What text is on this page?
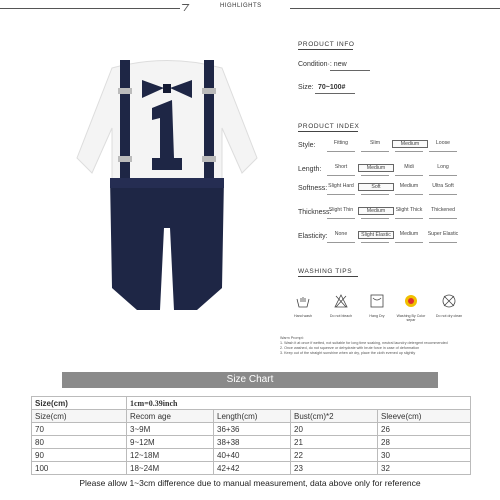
HIGHLIGHTS
PRODUCT INFO
Condition·: new
Size: 70~100#
PRODUCT INDEX
Style:	Fitting	Slim	Medium	Loose
Length:	Short	Medium	Midi	Long
Softness: Slight Hard	Soft	Medium	Ultra Soft
Thickness:
Slight Thin	Medium	Slight Thick	Thickened
Elasticity:	None	Slight Elastic	Medium	Super Elastic
WASHING TIPS
Hand wash	Do not bleach	Hang Dry	Washing By Color separ
Do not dry clean
Warm Prompt:
1. Wash it at once if wetted, not suitable for long time soaking, neutral laundry detergent recommended
2. Once washed, do not squeeze or dehydrate with brute force in case of deformation
3. Keep out of the straight sunshine when air dry, place the cloth evened up slightly
Size Chart
Size(cm)	1cm=0.39inch			
Size(cm)	Recom age	Length(cm)	Bust(cm)*2	Sleeve(cm)
70	3~9M	36+36	20	26
80	9~12M	38+38	21	28
90	12~18M	40+40	22	30
100	18~24M	42+42	23	32
Please allow 1~3cm difference due to manual measurement, data above only for reference
